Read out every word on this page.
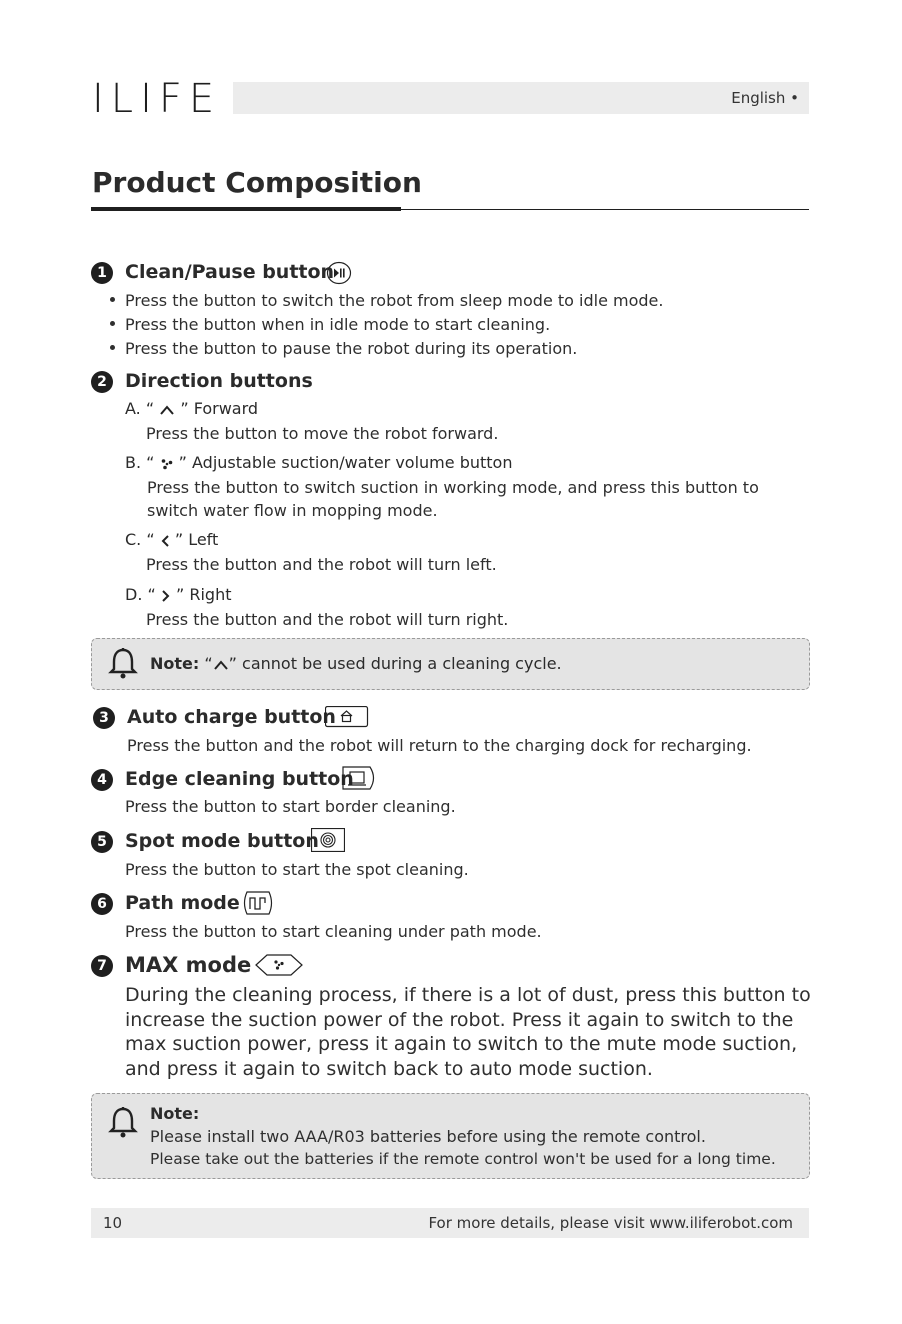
ILIFE	English •
Product Composition
1 Clean/Pause button
Press the button to switch the robot from sleep mode to idle mode.
Press the button when in idle mode to start cleaning.
Press the button to pause the robot during its operation.
2 Direction buttons
A. “ ” Forward
Press the button to move the robot forward.
B. “ ” Adjustable suction/water volume button
Press the button to switch suction in working mode, and press this button to
switch water flow in mopping mode.
C. “ ” Left
Press the button and the robot will turn left.
D. “ ” Right
Press the button and the robot will turn right.
Note: “ ” cannot be used during a cleaning cycle.
3 Auto charge button
Press the button and the robot will return to the charging dock for recharging.
4 Edge cleaning button
Press the button to start border cleaning.
5 Spot mode button
Press the button to start the spot cleaning.
6 Path mode
Press the button to start cleaning under path mode.
7 MAX mode
During the cleaning process, if there is a lot of dust, press this button to
increase the suction power of the robot. Press it again to switch to the
max suction power, press it again to switch to the mute mode suction,
and press it again to switch back to auto mode suction.
Note:
Please install two AAA/R03 batteries before using the remote control.
Please take out the batteries if the remote control won't be used for a long time.
10	For more details, please visit www.iliferobot.com
